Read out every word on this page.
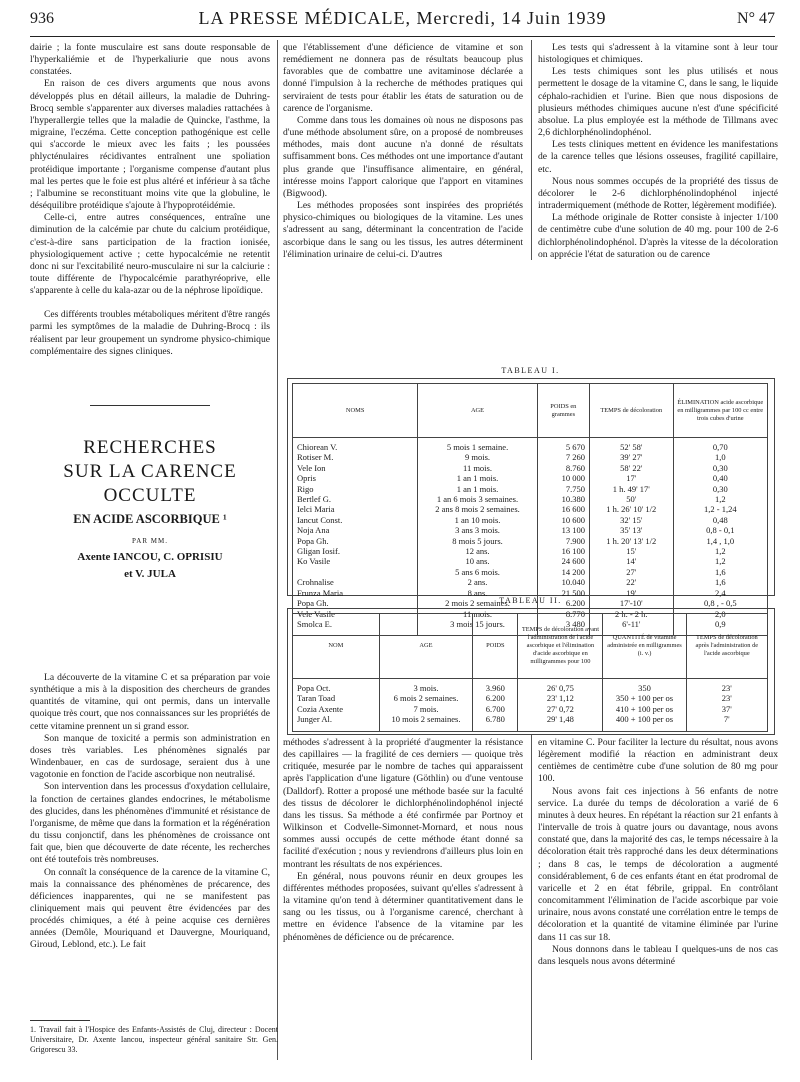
936	LA PRESSE MÉDICALE, Mercredi, 14 Juin 1939	N° 47

dairie ; la fonte musculaire est sans doute responsable de l'hyperkaliémie et de l'hyperkaliurie que nous avons constatées.

En raison de ces divers arguments que nous avons développés plus en détail ailleurs, la maladie de Duhring-Brocq semble s'apparenter aux diverses maladies rattachées à l'hyperallergie telles que la maladie de Quincke, l'asthme, la migraine, l'eczéma. Cette conception pathogénique est celle qui s'accorde le mieux avec les faits ; les poussées phlycténulaires récidivantes entraînent une spoliation protéidique importante ; l'organisme compense d'autant plus mal les pertes que le foie est plus altéré et inférieur à sa tâche ; l'albumine se reconstituant moins vite que la globuline, le déséquilibre protéidique s'ajoute à l'hypoprotéidémie.

Celle-ci, entre autres conséquences, entraîne une diminution de la calcémie par chute du calcium protéidique, c'est-à-dire sans participation de la fraction ionisée, physiologiquement active ; cette hypocalcémie ne retentit donc ni sur l'excitabilité neuro-musculaire ni sur la calciurie : toute différente de l'hypocalcémie parathyréoprive, elle s'apparente à celle du kala-azar ou de la néphrose lipoïdique.

Ces différents troubles métaboliques méritent d'être rangés parmi les symptômes de la maladie de Duhring-Brocq : ils réalisent par leur groupement un syndrome physico-chimique complémentaire des signes cliniques.

RECHERCHES
SUR LA CARENCE OCCULTE
EN ACIDE ASCORBIQUE ¹
PAR MM.
Axente IANCOU, C. OPRISIU
et V. JULA

La découverte de la vitamine C et sa préparation par voie synthétique a mis à la disposition des chercheurs de grandes quantités de vitamine, qui ont permis, dans un intervalle quoique très court, que nos connaissances sur les propriétés de cette vitamine prennent un si grand essor.

Son manque de toxicité a permis son administration en doses très variables. Les phénomènes signalés par Windenbauer, en cas de surdosage, seraient dus à une vagotonie en fonction de l'acide ascorbique non neutralisé.

Son intervention dans les processus d'oxydation cellulaire, la fonction de certaines glandes endocrines, le métabolisme des glucides, dans les phénomènes d'immunité et résistance de l'organisme, de même que dans la formation et la régénération du tissu conjonctif, dans les phénomènes de croissance ont fait que, bien que découverte de date récente, les recherches ont été toutefois très nombreuses.

On connaît la conséquence de la carence de la vitamine C, mais la connaissance des phénomènes de précarence, des déficiences inapparentes, qui ne se manifestent pas cliniquement mais qui peuvent être évidencées par des procédés chimiques, a été à peine acquise ces dernières années (Demôle, Mouriquand et Dauvergne, Mouriquand, Giroud, Leblond, etc.). Le fait

1. Travail fait à l'Hospice des Enfants-Assistés de Cluj, directeur : Docent Universitaire, Dr. Axente Iancou, inspecteur général sanitaire Str. Gen. Grigorescu 33.

que l'établissement d'une déficience de vitamine et son remédiement ne donnera pas de résultats beaucoup plus favorables que de combattre une avitaminose déclarée a donné l'impulsion à la recherche de méthodes pratiques qui serviraient de tests pour établir les états de saturation ou de carence de l'organisme.

Comme dans tous les domaines où nous ne disposons pas d'une méthode absolument sûre, on a proposé de nombreuses méthodes, mais dont aucune n'a donné de résultats suffisamment bons. Ces méthodes ont une importance d'autant plus grande que l'insuffisance alimentaire, en général, intéresse moins l'apport calorique que l'apport en vitamines (Bigwood).

Les méthodes proposées sont inspirées des propriétés physico-chimiques ou biologiques de la vitamine. Les unes s'adressent au sang, déterminant la concentration de l'acide ascorbique dans le sang ou les tissus, les autres déterminent l'élimination urinaire de celui-ci. D'autres

Les tests qui s'adressent à la vitamine sont à leur tour histologiques et chimiques.

Les tests chimiques sont les plus utilisés et nous permettent le dosage de la vitamine C, dans le sang, le liquide céphalo-rachidien et l'urine. Bien que nous disposions de plusieurs méthodes chimiques aucune n'est d'une spécificité absolue. La plus employée est la méthode de Tillmans avec 2,6 dichlorphénolindophénol.

Les tests cliniques mettent en évidence les manifestations de la carence telles que lésions osseuses, fragilité capillaire, etc.

Nous nous sommes occupés de la propriété des tissus de décolorer le 2-6 dichlorphénolindophénol injecté intradermiquement (méthode de Rotter, légèrement modifiée).

La méthode originale de Rotter consiste à injecter 1/100 de centimètre cube d'une solution de 40 mg. pour 100 de 2-6 dichlorphénolindophénol. D'après la vitesse de la décoloration on apprécie l'état de saturation ou de carence

TABLEAU I.
NOMS	AGE	POIDS en grammes	TEMPS de décoloration	ÉLIMINATION acide ascorbique en milligrammes par 100 cc entre trois cubes d'urine
Chiorean V.	5 mois 1 semaine.	5 670	52' 58'	0,70
Rotiser M.	9 mois.	7 260	39' 27'	1,0
Vele Ion	11 mois.	8.760	58' 22'	0,30
Opris	1 an 1 mois.	10 000	17'	0,40
Rigo	1 an 1 mois.	7.750	1 h. 49' 17'	0,30
Bertlef G.	1 an 6 mois 3 semaines.	10.380	50'	1,2
Ielci Maria	2 ans 8 mois 2 semaines.	16 600	1 h. 26' 10' 1/2	1,2 - 1,24
Iancut Const.	1 an 10 mois.	10 600	32' 15'	0,48
Noja Ana	3 ans 3 mois.	13 100	35' 13'	0,8 - 0,1
Popa Gh.	8 mois 5 jours.	7.900	1 h. 20' 13' 1/2	1,4 , 1,0
Gligan Iosif.	12 ans.	16 100	15'	1,2
Ko Vasile	10 ans.	24 600	14'	1,2
	5 ans 6 mois.	14 200	27'	1,6
Crohnalise	2 ans.	10.040	22'	1,6
Frunza Maria	8 ans.	21 500	19'	2,4
Popa Gh.	2 mois 2 semaines.	6.200	17'-10'	0,8 , - 0,5
Vele Vasile	11 mois.	8.770	2 h. - 2 h.	2,0
Smolca E.	3 mois 15 jours.	3 480	6'-11'	0,9
TABLEAU II.
NOM	AGE	POIDS	TEMPS de décoloration avant l'administration de l'acide ascorbique et l'élimination d'acide ascorbique en milligrammes pour 100	QUANTITÉ de vitamine administrée en milligrammes (i. v.)	TEMPS de décoloration après l'administration de l'acide ascorbique
Popa Oct.	3 mois.	3.960	26' 0,75	350	23'
Taran Toad	6 mois 2 semaines.	6.200	23' 1,12	350 + 100 per os	23'
Cozia Axente	7 mois.	6.700	27' 0,72	410 + 100 per os	37'
Junger Al.	10 mois 2 semaines.	6.780	29' 1,48	400 + 100 per os	7'

méthodes s'adressent à la propriété d'augmenter la résistance des capillaires — la fragilité de ces derniers — quoique très critiquée, mesurée par le nombre de taches qui apparaissent après l'application d'une ligature (Göthlin) ou d'une ventouse (Dalldorf). Rotter a proposé une méthode basée sur la faculté des tissus de décolorer le dichlorphénolindophénol injecté dans les tissus. Sa méthode a été confirmée par Portnoy et Wilkinson et Codvelle-Simonnet-Mornard, et nous nous sommes aussi occupés de cette méthode étant donné sa facilité d'exécution ; nous y reviendrons d'ailleurs plus loin en montrant les résultats de nos expériences.

En général, nous pouvons réunir en deux groupes les différentes méthodes proposées, suivant qu'elles s'adressent à la vitamine qu'on tend à déterminer quantitativement dans le sang ou les tissus, ou à l'organisme carencé, cherchant à mettre en évidence l'absence de la vitamine par les phénomènes de déficience ou de précarence.

en vitamine C. Pour faciliter la lecture du résultat, nous avons légèrement modifié la réaction en administrant deux centièmes de centimètre cube d'une solution de 80 mg pour 100.

Nous avons fait ces injections à 56 enfants de notre service. La durée du temps de décoloration a varié de 6 minutes à deux heures. En répétant la réaction sur 21 enfants à l'intervalle de trois à quatre jours ou davantage, nous avons constaté que, dans la majorité des cas, le temps nécessaire à la décoloration était très rapproché dans les deux déterminations ; dans 8 cas, le temps de décoloration a augmenté considérablement, 6 de ces enfants étant en état prodromal de varicelle et 2 en état fébrile, grippal. En contrôlant concomitamment l'élimination de l'acide ascorbique par voie urinaire, nous avons constaté une corrélation entre le temps de décoloration et la quantité de vitamine éliminée par l'urine dans 11 cas sur 18.

Nous donnons dans le tableau I quelques-uns de nos cas dans lesquels nous avons déterminé
